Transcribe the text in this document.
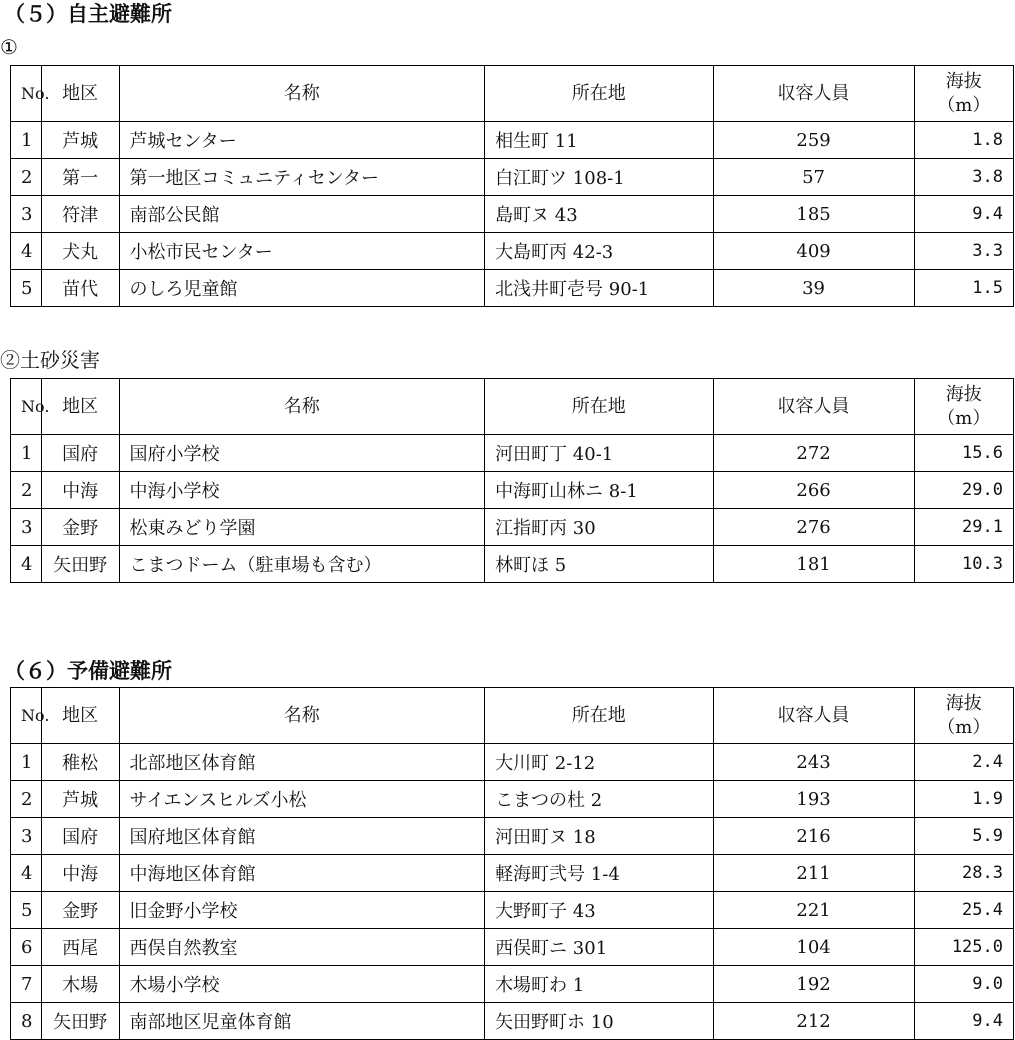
（５）自主避難所
①
No.	地区	名称	所在地	収容人員	海抜
（m）

1	芦城	芦城センター	相生町 11	259	1.8
2	第一	第一地区コミュニティセンター	白江町ツ 108-1	57	3.8
3	符津	南部公民館	島町ヌ 43	185	9.4
4	犬丸	小松市民センター	大島町丙 42-3	409	3.3
5	苗代	のしろ児童館	北浅井町壱号 90-1	39	1.5
②土砂災害
No.	地区	名称	所在地	収容人員	海抜
（m）

1	国府	国府小学校	河田町丁 40-1	272	15.6
2	中海	中海小学校	中海町山林ニ 8-1	266	29.0
3	金野	松東みどり学園	江指町丙 30	276	29.1
4	矢田野	こまつドーム（駐車場も含む）	林町ほ 5	181	10.3
（６）予備避難所
No.	地区	名称	所在地	収容人員	海抜
（m）

1	稚松	北部地区体育館	大川町 2-12	243	2.4
2	芦城	サイエンスヒルズ小松	こまつの杜 2	193	1.9
3	国府	国府地区体育館	河田町ヌ 18	216	5.9
4	中海	中海地区体育館	軽海町弐号 1-4	211	28.3
5	金野	旧金野小学校	大野町子 43	221	25.4
6	西尾	西俣自然教室	西俣町ニ 301	104	125.0
7	木場	木場小学校	木場町わ 1	192	9.0
8	矢田野	南部地区児童体育館	矢田野町ホ 10	212	9.4
